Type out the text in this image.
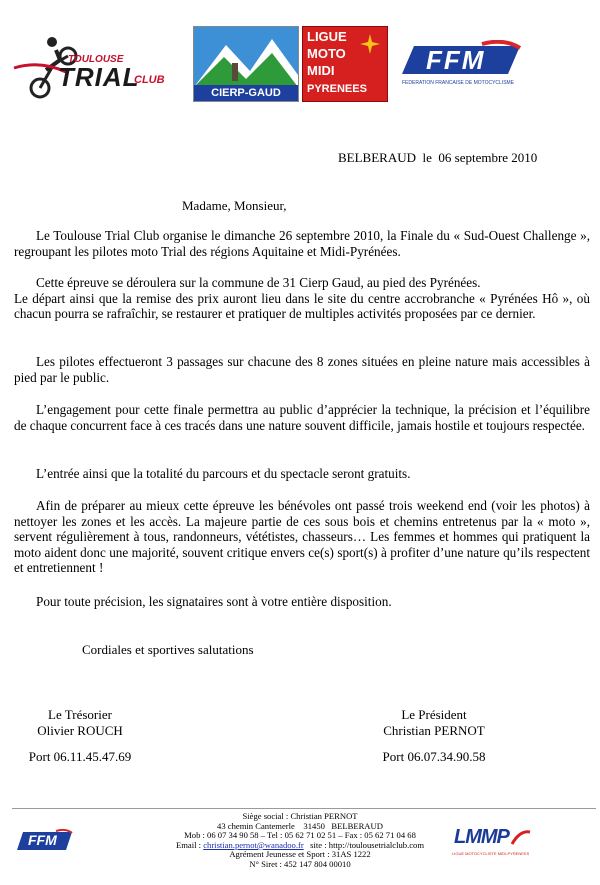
TOULOUSE
TRIAL
CLUB
CIERP-GAUD
LIGUE
MOTO
MIDI
PYRENEES
FFM
FEDERATION FRANCAISE DE MOTOCYCLISME
BELBERAUD  le  06 septembre 2010
Madame, Monsieur,

Le Toulouse Trial Club organise le dimanche 26 septembre 2010, la Finale du « Sud-Ouest Challenge », regroupant les pilotes moto Trial des régions Aquitaine et Midi-Pyrénées.

Cette épreuve se déroulera sur la commune de 31 Cierp Gaud, au pied des Pyrénées.

Le départ ainsi que la remise des prix auront lieu dans le site du centre accrobranche « Pyrénées Hô », où chacun pourra se rafraîchir, se restaurer et pratiquer de multiples activités proposées par ce dernier.

Les pilotes effectueront 3 passages sur chacune des 8 zones situées en pleine nature mais accessibles à pied par le public.

L’engagement pour cette finale permettra au public d’apprécier la technique, la précision et l’équilibre de chaque concurrent face à ces tracés dans une nature souvent difficile, jamais hostile et toujours respectée.

L’entrée ainsi que la totalité du parcours et du spectacle seront gratuits.

Afin de préparer au mieux cette épreuve les bénévoles ont passé trois weekend end (voir les photos) à nettoyer les zones et les accès. La majeure partie de ces sous bois et chemins entretenus par la « moto », servent régulièrement à tous, randonneurs, vététistes, chasseurs… Les femmes et hommes qui pratiquent la moto aident donc une majorité, souvent critique envers ce(s) sport(s) à profiter d’une nature qu’ils respectent et entretiennent !

Pour toute précision, les signataires sont à votre entière disposition.

Cordiales et sportives salutations
Le Trésorier
Olivier ROUCH
Port 06.11.45.47.69
Le Président
Christian PERNOT
Port 06.07.34.90.58
FFM
Siège social : Christian PERNOT
43 chemin Cantemerle    31450   BELBERAUD
Mob : 06 07 34 90 58 – Tel : 05 62 71 02 51 – Fax : 05 62 71 04 68
Email : christian.pernot@wanadoo.fr   site : http://toulousetrialclub.com
Agrément Jeunesse et Sport : 31AS 1222
N° Siret : 452 147 804 00010
LMMP
LIGUE MOTOCYCLISTE MIDI-PYRENEES
